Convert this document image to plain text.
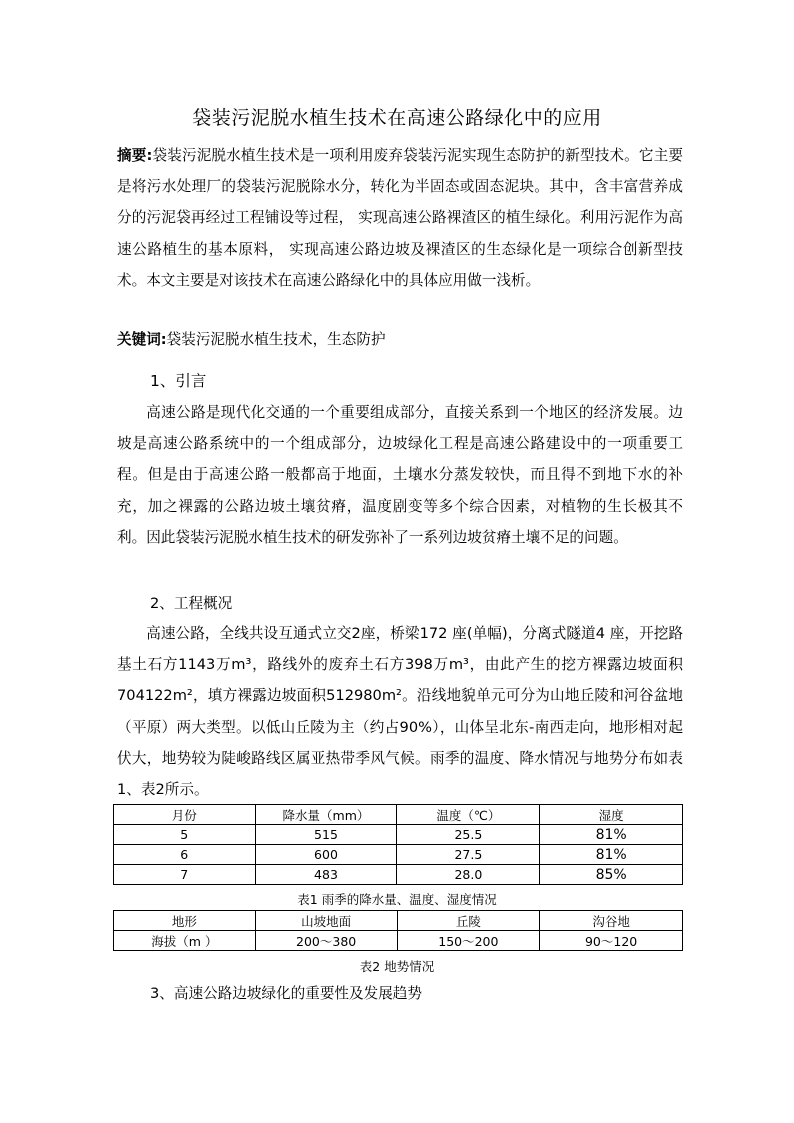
袋装污泥脱水植生技术在高速公路绿化中的应用
摘要:袋装污泥脱水植生技术是一项利用废弃袋装污泥实现生态防护的新型技术。它主要是将污水处理厂的袋装污泥脱除水分，转化为半固态或固态泥块。其中，含丰富营养成分的污泥袋再经过工程铺设等过程， 实现高速公路裸渣区的植生绿化。利用污泥作为高速公路植生的基本原料， 实现高速公路边坡及裸渣区的生态绿化是一项综合创新型技术。本文主要是对该技术在高速公路绿化中的具体应用做一浅析。
关键词:袋装污泥脱水植生技术，生态防护
1、引言
高速公路是现代化交通的一个重要组成部分，直接关系到一个地区的经济发展。边坡是高速公路系统中的一个组成部分，边坡绿化工程是高速公路建设中的一项重要工程。但是由于高速公路一般都高于地面，土壤水分蒸发较快，而且得不到地下水的补充，加之裸露的公路边坡土壤贫瘠，温度剧变等多个综合因素，对植物的生长极其不利。因此袋装污泥脱水植生技术的研发弥补了一系列边坡贫瘠土壤不足的问题。
2、工程概况
高速公路，全线共设互通式立交2座，桥梁172 座(单幅)，分离式隧道4 座，开挖路基土石方1143万m³，路线外的废弃土石方398万m³，由此产生的挖方裸露边坡面积704122m²，填方裸露边坡面积512980m²。沿线地貌单元可分为山地丘陵和河谷盆地（平原）两大类型。以低山丘陵为主（约占90%），山体呈北东-南西走向，地形相对起伏大，地势较为陡峻路线区属亚热带季风气候。雨季的温度、降水情况与地势分布如表1、表2所示。
月份	降水量（mm）	温度（℃）	湿度
5	515	25.5	81%
6	600	27.5	81%
7	483	28.0	85%
表1 雨季的降水量、温度、湿度情况
地形	山坡地面	丘陵	沟谷地
海拔（m ）	200～380	150～200	90～120
表2 地势情况
3、高速公路边坡绿化的重要性及发展趋势
